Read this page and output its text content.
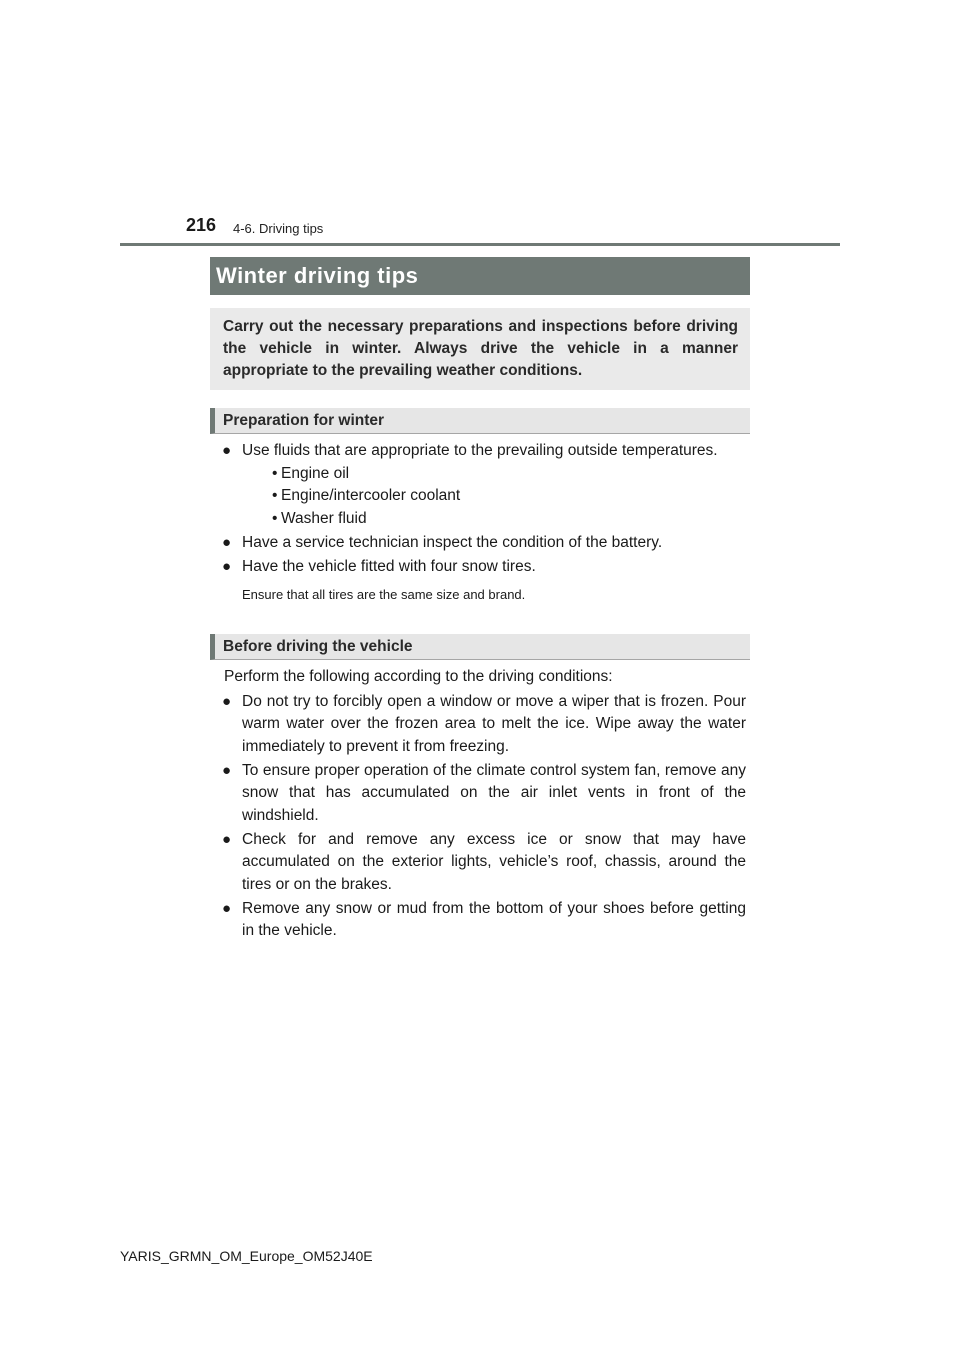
216 4-6. Driving tips
Winter driving tips

Carry out the necessary preparations and inspections before driving the vehicle in winter. Always drive the vehicle in a manner appropriate to the prevailing weather conditions.

Preparation for winter
● Use fluids that are appropriate to the prevailing outside temperatures.
• Engine oil
• Engine/intercooler coolant
• Washer fluid
● Have a service technician inspect the condition of the battery.
● Have the vehicle fitted with four snow tires.
Ensure that all tires are the same size and brand.
Before driving the vehicle
Perform the following according to the driving conditions:
● Do not try to forcibly open a window or move a wiper that is frozen. Pour warm water over the frozen area to melt the ice. Wipe away the water immediately to prevent it from freezing.
● To ensure proper operation of the climate control system fan, remove any snow that has accumulated on the air inlet vents in front of the windshield.
● Check for and remove any excess ice or snow that may have accumulated on the exterior lights, vehicle’s roof, chassis, around the tires or on the brakes.
● Remove any snow or mud from the bottom of your shoes before getting in the vehicle.
YARIS_GRMN_OM_Europe_OM52J40E
